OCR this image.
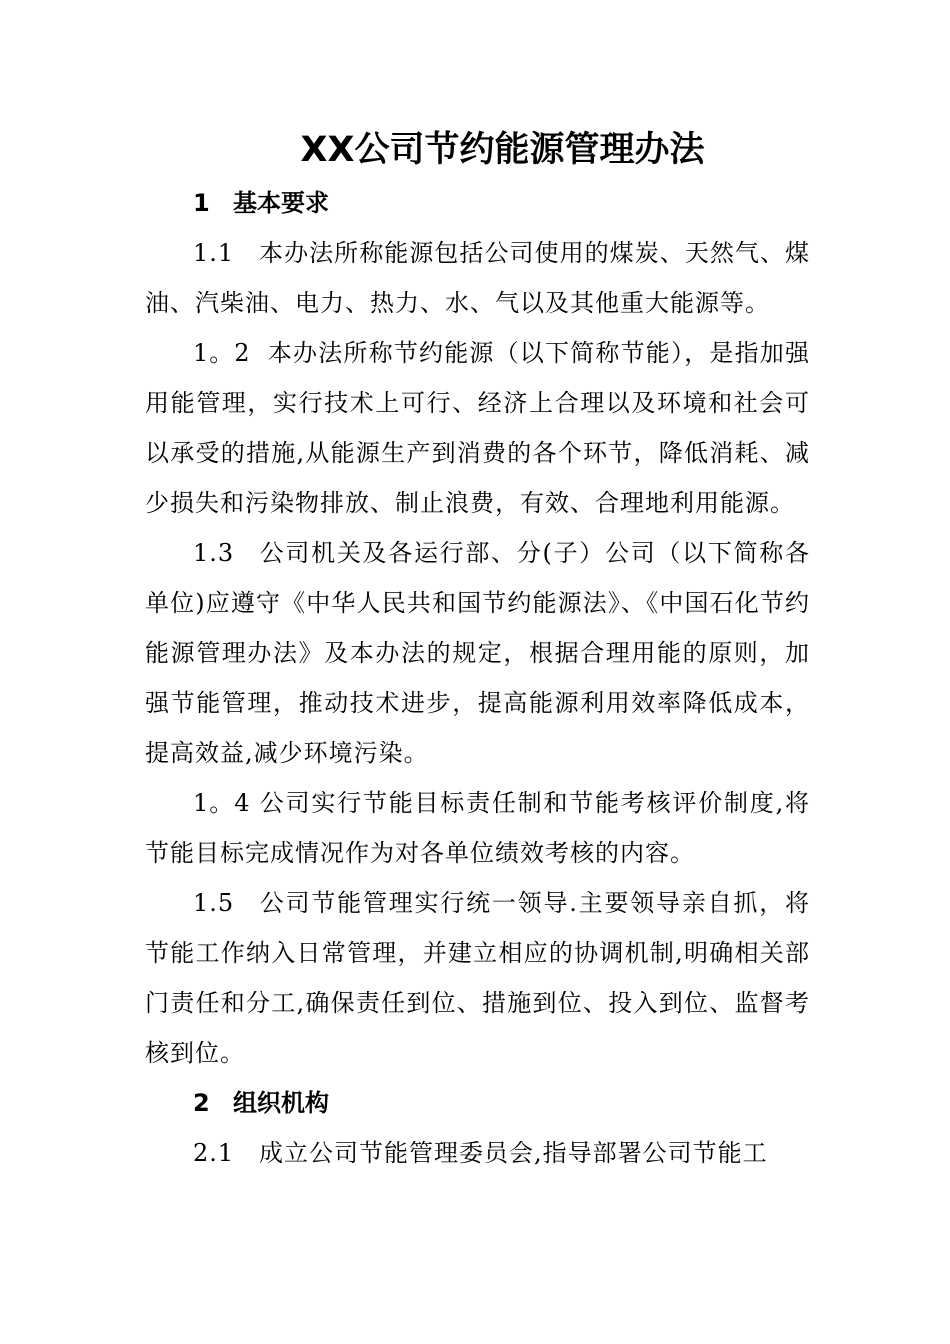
XX公司节约能源管理办法
1 基本要求

1.1 本办法所称能源包括公司使用的煤炭、天然气、煤油、汽柴油、电力、热力、水、气以及其他重大能源等。

1。2 本办法所称节约能源（以下简称节能），是指加强用能管理，实行技术上可行、经济上合理以及环境和社会可以承受的措施,从能源生产到消费的各个环节，降低消耗、减少损失和污染物排放、制止浪费，有效、合理地利用能源。

1.3 公司机关及各运行部、分(子）公司（以下简称各单位)应遵守《中华人民共和国节约能源法》、《中国石化节约能源管理办法》及本办法的规定，根据合理用能的原则，加强节能管理，推动技术进步，提高能源利用效率降低成本，提高效益,减少环境污染。

1。4 公司实行节能目标责任制和节能考核评价制度,将节能目标完成情况作为对各单位绩效考核的内容。

1.5 公司节能管理实行统一领导.主要领导亲自抓，将节能工作纳入日常管理，并建立相应的协调机制,明确相关部门责任和分工,确保责任到位、措施到位、投入到位、监督考核到位。

2 组织机构

2.1 成立公司节能管理委员会,指导部署公司节能工
